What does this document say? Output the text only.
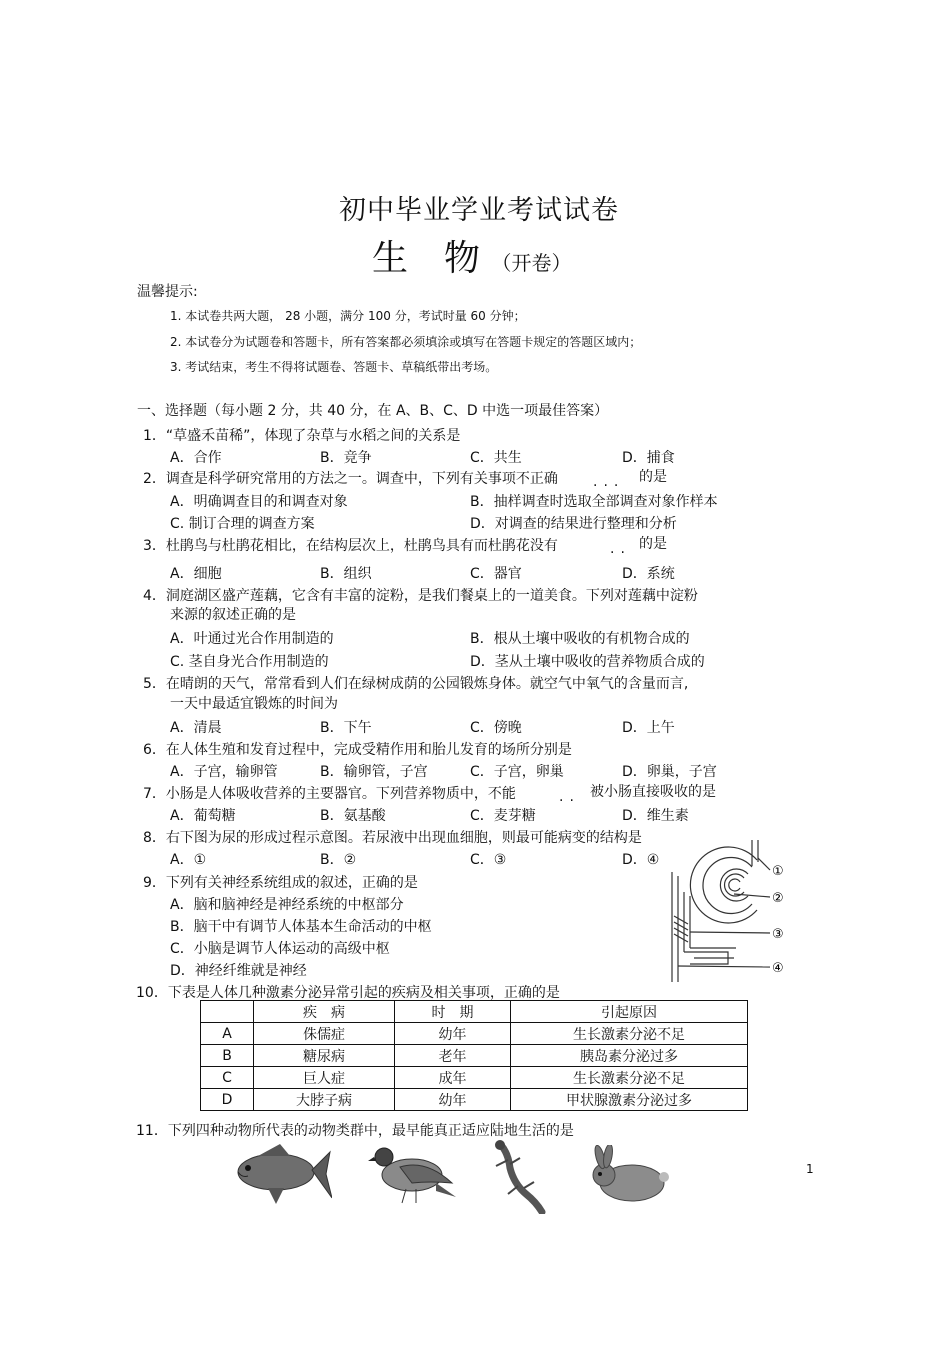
初中毕业学业考试试卷
生　物 （开卷）
温馨提示:
1. 本试卷共两大题， 28 小题，满分 100 分，考试时量 60 分钟；
2. 本试卷分为试题卷和答题卡，所有答案都必须填涂或填写在答题卡规定的答题区域内；
3. 考试结束，考生不得将试题卷、答题卡、草稿纸带出考场。
一、选择题（每小题 2 分，共 40 分，在 A、B、C、D 中选一项最佳答案）
1．“草盛禾苗稀”，体现了杂草与水稻之间的关系是
A．合作	B．竞争	C．共生	D．捕食
2．调查是科学研究常用的方法之一。调查中，下列有关事项不正确	... 的是
A．明确调查目的和调查对象	B．抽样调查时选取全部调查对象作样本
C. 制订合理的调查方案	D．对调查的结果进行整理和分析
3．杜鹃鸟与杜鹃花相比，在结构层次上，杜鹃鸟具有而杜鹃花没有	.. 的是
A．细胞	B．组织	C．器官	D．系统
4．洞庭湖区盛产莲藕，它含有丰富的淀粉，是我们餐桌上的一道美食。下列对莲藕中淀粉
来源的叙述正确的是
A．叶通过光合作用制造的	B．根从土壤中吸收的有机物合成的
C. 茎自身光合作用制造的	D．茎从土壤中吸收的营养物质合成的
5．在晴朗的天气，常常看到人们在绿树成荫的公园锻炼身体。就空气中氧气的含量而言,
一天中最适宜锻炼的时间为
A．清晨	B．下午	C．傍晚	D．上午
6．在人体生殖和发育过程中，完成受精作用和胎儿发育的场所分别是
A．子宫，输卵管	B．输卵管，子宫	C．子宫，卵巢	D．卵巢，子宫
7．小肠是人体吸收营养的主要器官。下列营养物质中，不能	.. 被小肠直接吸收的是
A．葡萄糖	B．氨基酸	C．麦芽糖	D．维生素
8．右下图为尿的形成过程示意图。若尿液中出现血细胞，则最可能病变的结构是
A．①	B．②	C．③	D．④
9．下列有关神经系统组成的叙述，正确的是
A．脑和脑神经是神经系统的中枢部分
B．脑干中有调节人体基本生命活动的中枢
C．小脑是调节人体运动的高级中枢
D．神经纤维就是神经
①
②
③
④
10．下表是人体几种激素分泌异常引起的疾病及相关事项，正确的是
	疾　病	时　期	引起原因
A	侏儒症	幼年	生长激素分泌不足
B	糖尿病	老年	胰岛素分泌过多
C	巨人症	成年	生长激素分泌不足
D	大脖子病	幼年	甲状腺激素分泌过多
11．下列四种动物所代表的动物类群中，最早能真正适应陆地生活的是
1
